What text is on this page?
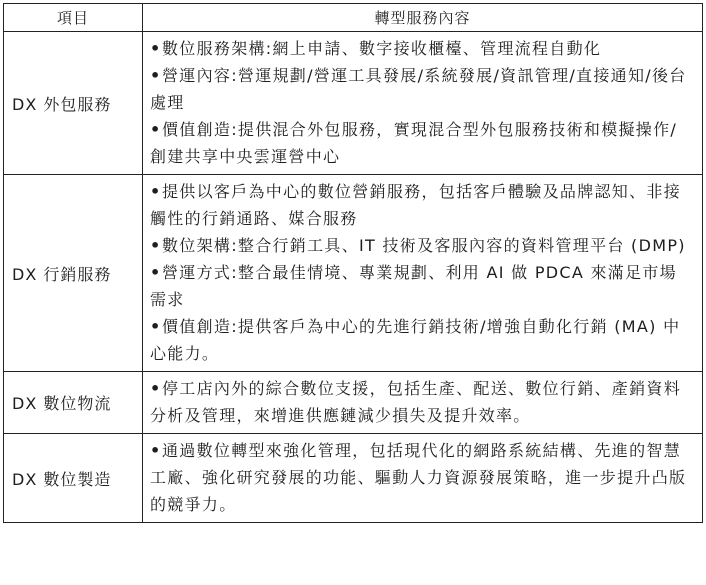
項目	轉型服務內容
DX 外包服務	•數位服務架構:網上申請、數字接收櫃檯、管理流程自動化
•營運內容:營運規劃/營運工具發展/系統發展/資訊管理/直接通知/後台處理
•價值創造:提供混合外包服務，實現混合型外包服務技術和模擬操作/創建共享中央雲運營中心

DX 行銷服務	•提供以客戶為中心的數位營銷服務，包括客戶體驗及品牌認知、非接觸性的行銷通路、媒合服務
•數位架構:整合行銷工具、IT 技術及客服內容的資料管理平台 (DMP)
•營運方式:整合最佳情境、專業規劃、利用 AI 做 PDCA 來滿足市場需求
•價值創造:提供客戶為中心的先進行銷技術/增強自動化行銷 (MA) 中心能力。

DX 數位物流	•停工店內外的綜合數位支援，包括生產、配送、數位行銷、產銷資料分析及管理，來增進供應鏈減少損失及提升效率。

DX 數位製造	•通過數位轉型來強化管理，包括現代化的網路系統結構、先進的智慧工廠、強化研究發展的功能、驅動人力資源發展策略，進一步提升凸版的競爭力。
